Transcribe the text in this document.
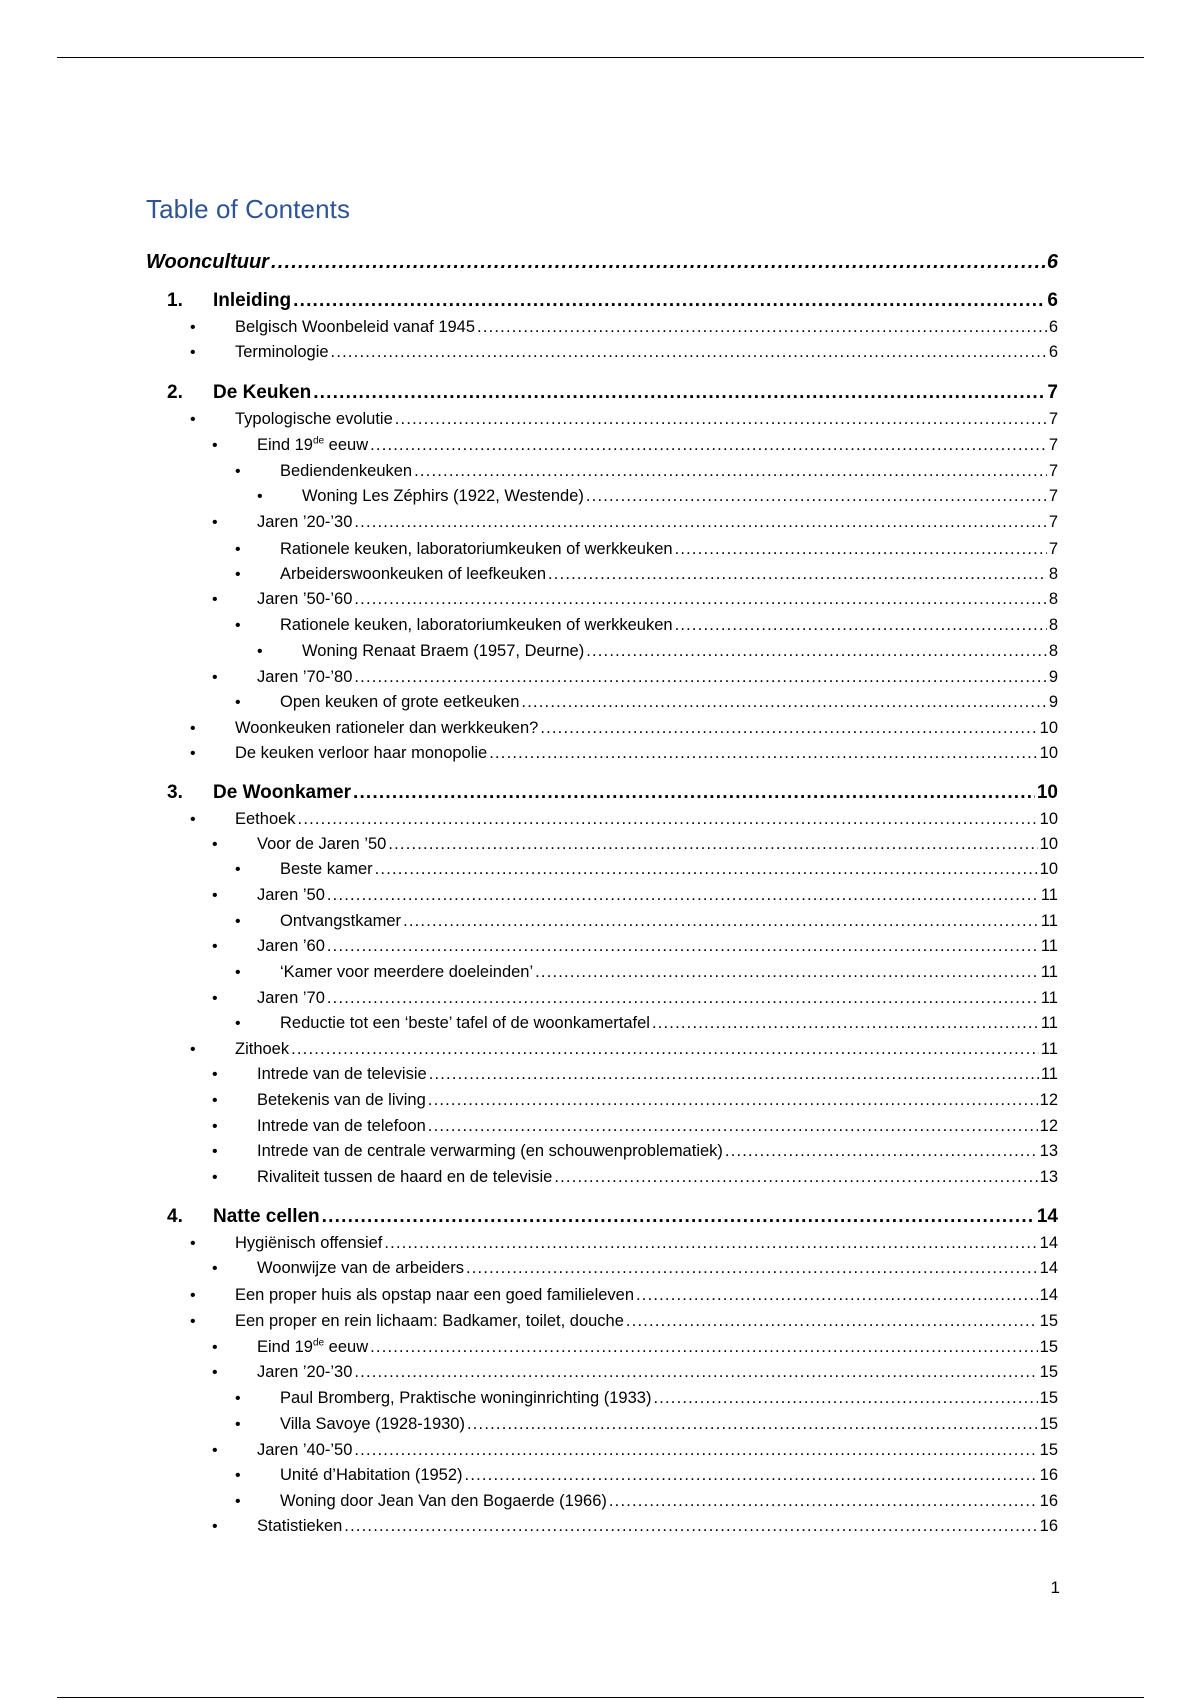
Table of Contents
Wooncultuur .....	6
1. Inleiding .....	6
• Belgisch Woonbeleid vanaf 1945 .....	6
• Terminologie .....	6
2. De Keuken .....	7
• Typologische evolutie .....	7
• Eind 19de eeuw .....	7
• Bediendenkeuken .....	7
• Woning Les Zéphirs (1922, Westende) .....	7
• Jaren ’20-’30 .....	7
• Rationele keuken, laboratoriumkeuken of werkkeuken .....	7
• Arbeiderswoonkeuken of leefkeuken .....	8
• Jaren ’50-’60 .....	8
• Rationele keuken, laboratoriumkeuken of werkkeuken .....	8
• Woning Renaat Braem (1957, Deurne) .....	8
• Jaren ’70-’80 .....	9
• Open keuken of grote eetkeuken .....	9
• Woonkeuken rationeler dan werkkeuken? .....	10
• De keuken verloor haar monopolie .....	10
3. De Woonkamer .....	10
• Eethoek .....	10
• Voor de Jaren ’50 .....	10
• Beste kamer .....	10
• Jaren ’50 .....	11
• Ontvangstkamer .....	11
• Jaren ’60 .....	11
• ‘Kamer voor meerdere doeleinden’ .....	11
• Jaren ’70 .....	11
• Reductie tot een ‘beste’ tafel of de woonkamertafel .....	11
• Zithoek .....	11
• Intrede van de televisie .....	11
• Betekenis van de living .....	12
• Intrede van de telefoon .....	12
• Intrede van de centrale verwarming (en schouwenproblematiek) .....	13
• Rivaliteit tussen de haard en de televisie .....	13
4. Natte cellen .....	14
• Hygiënisch offensief .....	14
• Woonwijze van de arbeiders .....	14
• Een proper huis als opstap naar een goed familieleven .....	14
• Een proper en rein lichaam: Badkamer, toilet, douche .....	15
• Eind 19de eeuw .....	15
• Jaren ’20-’30 .....	15
• Paul Bromberg, Praktische woninginrichting (1933) .....	15
• Villa Savoye (1928-1930) .....	15
• Jaren ’40-’50 .....	15
• Unité d’Habitation (1952) .....	16
• Woning door Jean Van den Bogaerde (1966) .....	16
• Statistieken .....	16
1
